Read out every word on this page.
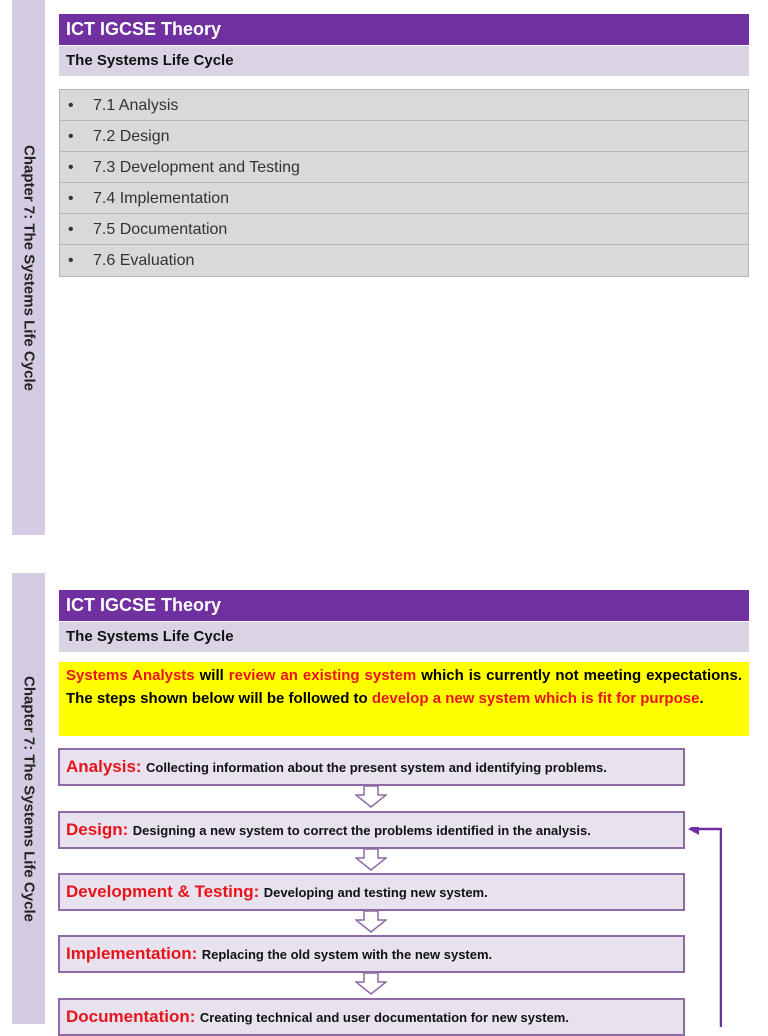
Chapter 7: The Systems Life Cycle
ICT IGCSE Theory
The Systems Life Cycle
• 7.1 Analysis
• 7.2 Design
• 7.3 Development and Testing
• 7.4 Implementation
• 7.5 Documentation
• 7.6 Evaluation
Chapter 7: The Systems Life Cycle
ICT IGCSE Theory
The Systems Life Cycle
Systems Analysts will review an existing system which is currently not meeting expectations. The steps shown below will be followed to develop a new system which is fit for purpose.
Analysis: Collecting information about the present system and identifying problems.
Design: Designing a new system to correct the problems identified in the analysis.
Development & Testing: Developing and testing new system.
Implementation: Replacing the old system with the new system.
Documentation: Creating technical and user documentation for new system.
